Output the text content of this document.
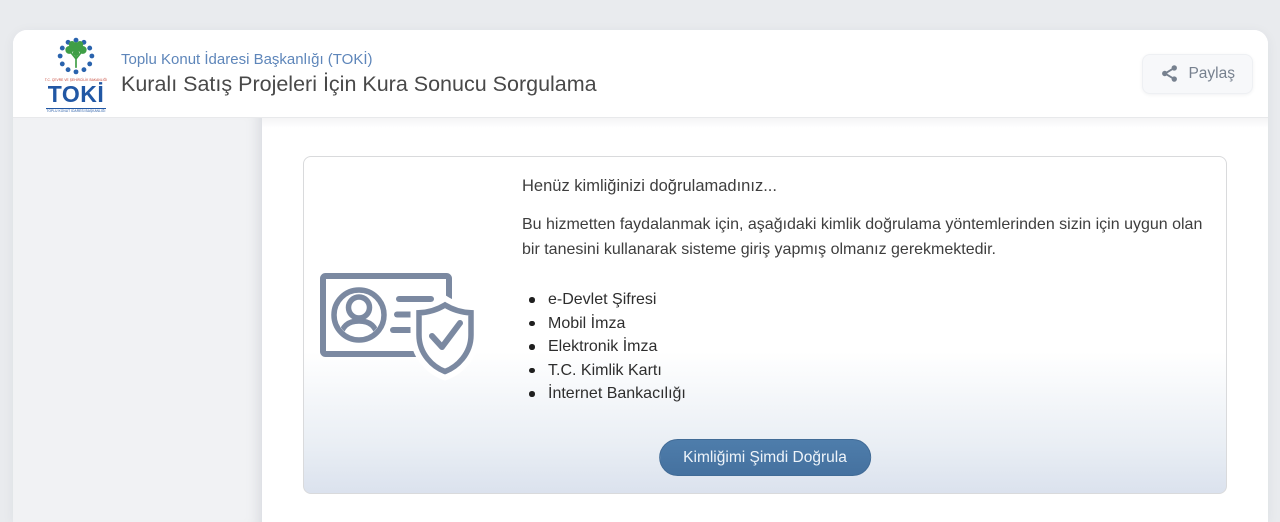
T.C. ÇEVRE VE ŞEHİRCİLİK BAKANLIĞI
TOKİ
TOPLU KONUT İDARESİ BAŞKANLIĞI
Toplu Konut İdaresi Başkanlığı (TOKİ)
Kuralı Satış Projeleri İçin Kura Sonucu Sorgulama	Paylaş
Henüz kimliğinizi doğrulamadınız...

Bu hizmetten faydalanmak için, aşağıdaki kimlik doğrulama yöntemlerinden sizin için uygun olan bir tanesini kullanarak sisteme giriş yapmış olmanız gerekmektedir.

e-Devlet Şifresi
Mobil İmza
Elektronik İmza
T.C. Kimlik Kartı
İnternet Bankacılığı
Kimliğimi Şimdi Doğrula
